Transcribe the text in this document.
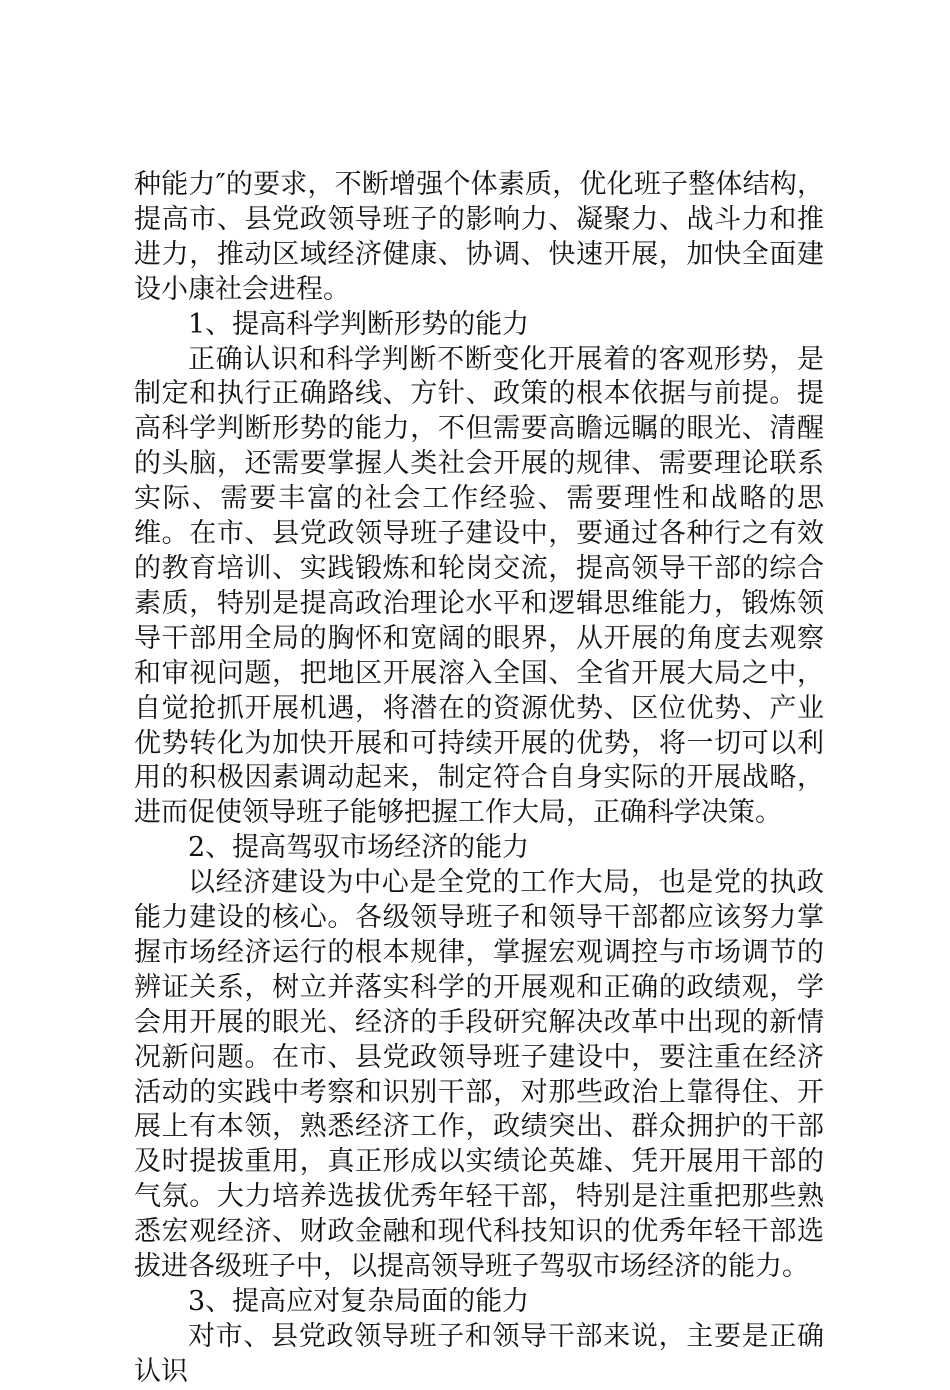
种能力″的要求，不断增强个体素质，优化班子整体结构，提高市、县党政领导班子的影响力、凝聚力、战斗力和推进力，推动区域经济健康、协调、快速开展，加快全面建设小康社会进程。

1、提高科学判断形势的能力

正确认识和科学判断不断变化开展着的客观形势，是制定和执行正确路线、方针、政策的根本依据与前提。提高科学判断形势的能力，不但需要高瞻远瞩的眼光、清醒的头脑，还需要掌握人类社会开展的规律、需要理论联系实际、需要丰富的社会工作经验、需要理性和战略的思维。在市、县党政领导班子建设中，要通过各种行之有效的教育培训、实践锻炼和轮岗交流，提高领导干部的综合素质，特别是提高政治理论水平和逻辑思维能力，锻炼领导干部用全局的胸怀和宽阔的眼界，从开展的角度去观察和审视问题，把地区开展溶入全国、全省开展大局之中，自觉抢抓开展机遇，将潜在的资源优势、区位优势、产业优势转化为加快开展和可持续开展的优势，将一切可以利用的积极因素调动起来，制定符合自身实际的开展战略，进而促使领导班子能够把握工作大局，正确科学决策。

2、提高驾驭市场经济的能力

以经济建设为中心是全党的工作大局，也是党的执政能力建设的核心。各级领导班子和领导干部都应该努力掌握市场经济运行的根本规律，掌握宏观调控与市场调节的辨证关系，树立并落实科学的开展观和正确的政绩观，学会用开展的眼光、经济的手段研究解决改革中出现的新情况新问题。在市、县党政领导班子建设中，要注重在经济活动的实践中考察和识别干部，对那些政治上靠得住、开展上有本领，熟悉经济工作，政绩突出、群众拥护的干部及时提拔重用，真正形成以实绩论英雄、凭开展用干部的气氛。大力培养选拔优秀年轻干部，特别是注重把那些熟悉宏观经济、财政金融和现代科技知识的优秀年轻干部选拔进各级班子中，以提高领导班子驾驭市场经济的能力。

3、提高应对复杂局面的能力

对市、县党政领导班子和领导干部来说，主要是正确认识
